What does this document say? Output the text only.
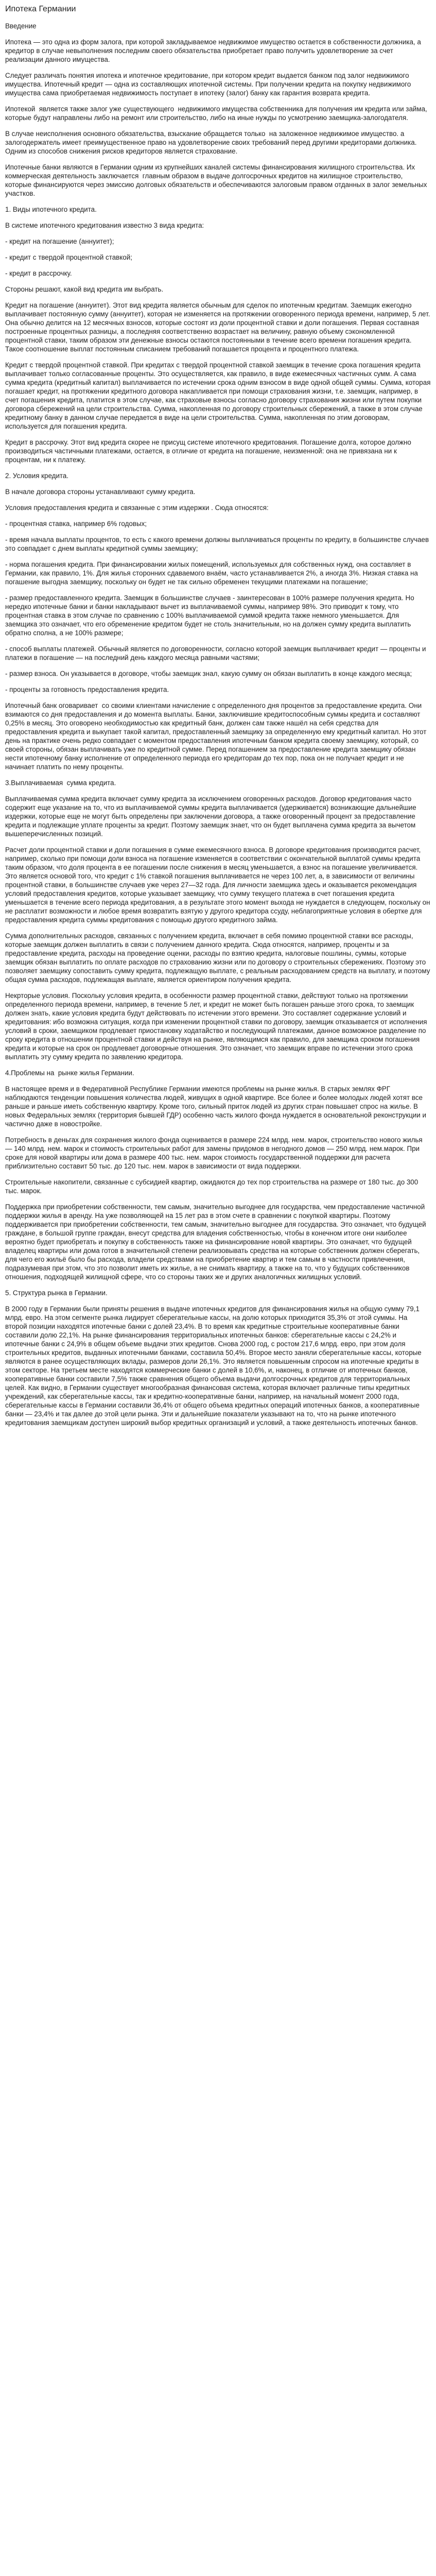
Ипотека Германии

Введение

Ипотека — это одна из форм залога, при которой закладываемое недвижимое имущество остается в собственности должника, а кредитор в случае невыполнения последним своего обязательства приобретает право получить удовлетворение за счет реализации данного имущества.

Следует различать понятия ипотека и ипотечное кредитование, при котором кредит выдается банком под залог недвижимого имущества. Ипотечный кредит — одна из составляющих ипотечной системы. При получении кредита на покупку недвижимого имущества сама приобретаемая недвижимость поступает в ипотеку (залог) банку как гарантия возврата кредита.

Ипотекой  является также залог уже существующего  недвижимого имущества собственника для получения им кредита или займа, которые будут направлены либо на ремонт или строительство, либо на иные нужды по усмотрению заемщика-залогодателя.

В случае неисполнения основного обязательства, взыскание обращается только  на заложенное недвижимое имущество. а залогодержатель имеет преимущественное право на удовлетворение своих требований перед другими кредиторами должника. Одним из способов снижения рисков кредиторов является страхование.

Ипотечные банки являются в Германии одним из крупнейших каналей системы финансирования жилищного строительства. Их коммерческая деятельность заключается  главным образом в выдаче долгосрочных кредитов на жилищное строительство, которые финансируются через эмиссию долговых обязательств и обеспечиваются залоговым правом отданных в залог земельных участков.

1. Виды ипотечного кредита.

В системе ипотечного кредитования известно 3 вида кредита:

- кредит на погашение (аннуитет);

- кредит с твердой процентной ставкой;

- кредит в рассрочку.

Стороны решают, какой вид кредита им выбрать.

Кредит на погашение (аннуитет). Этот вид кредита является обычным для сделок по ипотечным кредитам. Заемщик ежегодно выплачивает постоянную сумму (аннуитет), которая не изменяется на протяжении оговоренного периода времени, например, 5 лет. Она обычно делится на 12 месячных взносов, которые состоят из доли процентной ставки и доли погашения. Первая составная построенные процентных разницы, а последняя соответственно возрастает на величину, равную объему сэкономленной процентной ставки, таким образом эти денежные взносы остаются постоянными в течение всего времени погашения кредита. Такое соотношение выплат постоянным списанием требований погашается процента и процентного платежа.

Кредит с твердой процентной ставкой. При кредитах с твердой процентной ставкой заемщик в течение срока погашения кредита выплачивает только согласованные проценты. Это осуществляется, как правило, в виде ежемесячных частичных сумм. А сама сумма кредита (кредитный капитал) выплачивается по истечении срока одним взносом в виде одной общей суммы. Сумма, которая погашает кредит, на протяжении кредитного договора накапливается при помощи страхования жизни, т.е. заемщик, например, в счет погашения кредита, платится в этом случае, как страховые взносы согласно договору страхования жизни или путем покупки договора сбережений на цели строительства. Сумма, накопленная по договору строительных сбережений, а также в этом случае кредитному банку в данном случае передается в виде на цели строительства. Сумма, накопленная по этим договорам, используется для погашения кредита.

Кредит в рассрочку. Этот вид кредита скорее не присущ системе ипотечного кредитования. Погашение долга, которое должно производиться частичными платежами, остается, в отличие от кредита на погашение, неизменной: она не привязана ни к процентам, ни к платежу.

2. Условия кредита.

В начале договора стороны устанавливают сумму кредита.

Условия предоставления кредита и связанные с этим издержки . Сюда относятся:

- процентная ставка, например 6% годовых;

- время начала выплаты процентов, то есть с какого времени должны выплачиваться проценты по кредиту, в большинстве случаев это совпадает с днем выплаты кредитной суммы заемщику;

- норма погашения кредита. При финансировании жилых помещений, используемых для собственных нужд, она составляет в Германии, как правило, 1%. Для жилья сторонних сдаваемого внаём, часто устанавливается 2%, а иногда 3%. Низкая ставка на погашение выгодна заемщику, поскольку он будет не так сильно обременен текущими платежами на погашение;

- размер предоставленного кредита. Заемщик в большинстве случаев - заинтересован в 100% размере получения кредита. Но нередко ипотечные банки и банки накладывают вычет из выплачиваемой суммы, например 98%. Это приводит к тому, что процентная ставка в этом случае по сравнению с 100% выплачиваемой суммой кредита также немного уменьшается. Для заемщика это означает, что его обременение кредитом будет не столь значительным, но на должен сумму кредита выплатить обратно сполна, а не 100% размере;

- способ выплаты платежей. Обычный является по договоренности, согласно которой заемщик выплачивает кредит — проценты и платежи в погашение — на последний день каждого месяца равными частями;

- размер взноса. Он указывается в договоре, чтобы заемщик знал, какую сумму он обязан выплатить в конце каждого месяца;

- проценты за готовность предоставления кредита.

Ипотечный банк оговаривает  со своими клиентами начисление с определенного дня процентов за предоставление кредита. Они взимаются со дня предоставления и до момента выплаты. Банки, заключившие кредитоспособным суммы кредита и составляют 0,25% в месяц. Это оговорено необходимостью как кредитный банк, должен сам также нашёл на себя средства для предоставления кредита и выкупает такой капитал, предоставленный заемщику за определенную ему кредитный капитал. Но этот день на практике очень редко совпадает с моментом предоставления ипотечным банком кредита своему заемщику, который, со своей стороны, обязан выплачивать уже по кредитной сумме. Перед погашением за предоставление кредита заемщику обязан нести ипотечному банку исполнение от определенного периода его кредиторам до тех пор, пока он не получает кредит и не начинает платить по нему проценты.

3.Выплачиваемая  сумма кредита.

Выплачиваемая сумма кредита включает сумму кредита за исключением оговоренных расходов. Договор кредитования часто содержит еще указание на то, что из выплачиваемой суммы кредита выплачивается (удерживается) возникающие дальнейшие издержки, которые еще не могут быть определены при заключении договора, а также оговоренный процент за предоставление кредита и подлежащие уплате проценты за кредит. Поэтому заемщик знает, что он будет выплачена сумма кредита за вычетом вышеперечисленных позиций.

Расчет доли процентной ставки и доли погашения в сумме ежемесячного взноса. В договоре кредитования производится расчет, например, сколько при помощи доли взноса на погашение изменяется в соответствии с окончательной выплатой суммы кредита таким образом, что доля процента в ее погашении после снижения в месяц уменьшается, а взнос на погашение увеличивается. Это является основой того, что кредит с 1% ставкой погашения выплачивается не через 100 лет, а, в зависимости от величины процентной ставки, в большинстве случаев уже через 27—32 года. Для личности заемщика здесь и оказывается рекомендация условий предоставления кредитов, которые указывает заемщику, что сумму текущего платежа в счет погашения кредита уменьшается в течение всего периода кредитования, а в результате этого момент выхода не нуждается в следующем, поскольку он не расплатит возможности и любое время возвратить взятую у другого кредитора ссуду, неблагоприятные условия в обертке для предоставления кредита суммы кредитования с помощью другого кредитного займа.

Сумма дополнительных расходов, связанных с получением кредита, включает в себя помимо процентной ставки все расходы, которые заемщик должен выплатить в связи с получением данного кредита. Сюда относятся, например, проценты и за предоставление кредита, расходы на проведение оценки, расходы по взятию кредита, налоговые пошлины, суммы, которые заемщик обязан выплатить по оплате расходов по страхованию жизни или по договору о строительных сбережениях. Поэтому это позволяет заемщику сопоставить сумму кредита, подлежащую выплате, с реальным расходованием средств на выплату, и поэтому общая сумма расходов, подлежащая выплате, является ориентиром получения кредита.

Некрторые условия. Поскольку условия кредита, в особенности размер процентной ставки, действуют только на протяжении определенного периода времени, например, в течение 5 лет, и кредит не может быть погашен раньше этого срока, то заемщик должен знать, какие условия кредита будут действовать по истечении этого времени. Это составляет содержание условий и кредитования: ибо возможна ситуация, когда при изменении процентной ставки по договору, заемщик отказывается от исполнения условий в сроки, заемщиком продлевает приостановку ходатайство и последующий платежами, данное возможное разделение по сроку кредита в отношении процентной ставки и действуя на рынке, являющимся как правило, для заемщика сроком погашения кредита и которые на срок он продлевает договорные отношения. Это означает, что заемщик вправе по истечении этого срока выплатить эту сумму кредита по заявлению кредитора.

4.Проблемы на  рынке жилья Германии.

В настоящее время и в Федеративной Республике Германии имеются проблемы на рынке жилья. В старых землях ФРГ наблюдаются тенденции повышения количества людей, живущих в одной квартире. Все более и более молодых людей хотят все раньше и раньше иметь собственную квартиру. Кроме того, сильный приток людей из других стран повышает спрос на жилье. В новых Федеральных землях (территория бывшей ГДР) особенно часть жилого фонда нуждается в основательной реконструкции и частично даже в новостройке.

Потребность в деньгах для сохранения жилого фонда оценивается в размере 224 млрд. нем. марок, строительство нового жилья — 140 млрд. нем. марок и стоимость строительных работ для замены придомов в негодного домов — 250 млрд. нем.марок. При сроке для новой квартиры или дома в размере 400 тыс. нем. марок стоимость государственной поддержки для расчета приблизительно составит 50 тыс. до 120 тыс. нем. марок в зависимости от вида поддержки.

Строительные накопители, связанные с субсидией квартир, ожидаются до тех пор строительства на размере от 180 тыс. до 300 тыс. марок.

Поддержка при приобретении собственности, тем самым, значительно выгоднее для государства, чем предоставление частичной поддержки жилья в аренду. На уже позволяющей на 15 лет раз в этом счете в сравнении с покупкой квартиры. Поэтому поддерживается при приобретении собственности, тем самым, значительно выгоднее для государства. Это означает, что будущей граждане, в большой группе граждан, внесут средства для владения собственностью, чтобы в конечном итоге они наиболее вероятно будет приобретать и покупку в собственность также на финансирование новой квартиры. Это означает, что будущей владелец квартиры или дома готов в значительной степени реализовывать средства на которые собственник должен сберегать, для чего его жильё было бы расхода, владели средствами на приобретение квартир и тем самым в частности привлечения, подразумевая при этом, что это позволит иметь их жилье, а не снимать квартиру, а также на то, что у будущих собственников отношения, подходящей жилищной сфере, что со стороны таких же и других аналогичных жилищных условий.

5. Структура рынка в Германии.

В 2000 году в Германии были приняты решения в выдаче ипотечных кредитов для финансирования жилья на общую сумму 79,1 млрд. евро. На этом сегменте рынка лидирует сберегательные кассы, на долю которых приходится 35,3% от этой суммы. На второй позиции находятся ипотечные банки с долей 23,4%. В то время как кредитные строительные кооперативные банки составили долю 22,1%. На рынке финансирования территориальных ипотечных банков: сберегательные кассы с 24,2% и ипотечные банки с 24,9% в общем объеме выдачи этих кредитов. Снова 2000 год, с ростом 217,6 млрд. евро, при этом доля строительных кредитов, выданных ипотечными банками, составила 50,4%. Второе место заняли сберегательные кассы, которые являются в ранее осуществляющих вклады, размеров доли 26,1%. Это является повышенным спросом на ипотечные кредиты в этом секторе. На третьем месте находятся коммерческие банки с долей в 10,6%, и, наконец, в отличие от ипотечных банков, кооперативные банки составили 7,5% также сравнения общего объема выдачи долгосрочных кредитов для территориальных целей. Как видно, в Германии существует многообразная финансовая система, которая включает различные типы кредитных учреждений, как сберегательные кассы, так и кредитно-кооперативные банки, например, на начальный момент 2000 года, сберегательные кассы в Германии составили 36,4% от общего объема кредитных операций ипотечных банков, а кооперативные банки — 23,4% и так далее до этой цели рынка. Эти и дальнейшие показатели указывают на то, что на рынке ипотечного кредитования заемщикам доступен широкий выбор кредитных организаций и условий, а также деятельность ипотечных банков.
